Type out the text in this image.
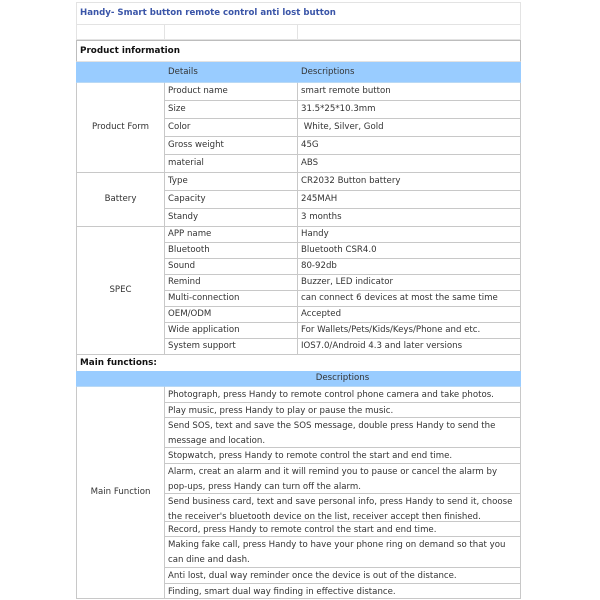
Handy- Smart button remote control anti lost button
Product information
Details	Descriptions
Product Form
Product name	smart remote button
Size	31.5*25*10.3mm
Color	White, Silver, Gold
Gross weight	45G
material	ABS
Battery
Type	CR2032 Button battery
Capacity	245MAH
Standy	3 months
SPEC
APP name	Handy
Bluetooth	Bluetooth CSR4.0
Sound	80-92db
Remind	Buzzer, LED indicator
Multi-connection	can connect 6 devices at most the same time
OEM/ODM	Accepted
Wide application	For Wallets/Pets/Kids/Keys/Phone and etc.
System support	IOS7.0/Android 4.3 and later versions
Main functions:
Descriptions
Main Function
Photograph, press Handy to remote control phone camera and take photos.
Play music, press Handy to play or pause the music.
Send SOS, text and save the SOS message, double press Handy to send the message and location.
Stopwatch, press Handy to remote control the start and end time.
Alarm, creat an alarm and it will remind you to pause or cancel the alarm by pop-ups, press Handy can turn off the alarm.
Send business card, text and save personal info, press Handy to send it, choose the receiver's bluetooth device on the list, receiver accept then finished.
Record, press Handy to remote control the start and end time.
Making fake call, press Handy to have your phone ring on demand so that you can dine and dash.
Anti lost, dual way reminder once the device is out of the distance.
Finding, smart dual way finding in effective distance.
